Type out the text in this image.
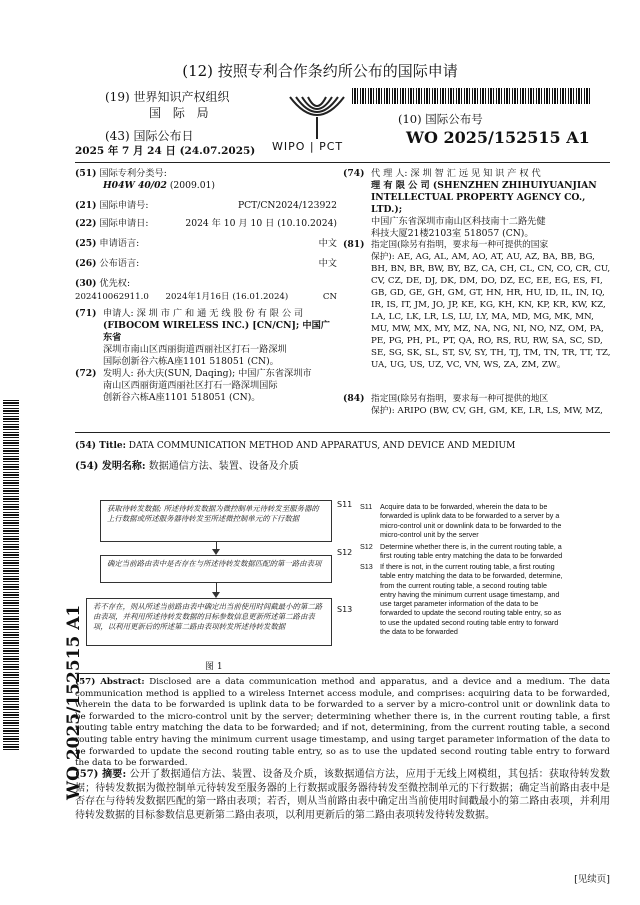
(12) 按照专利合作条约所公布的国际申请
(19) 世界知识产权组织
国 际 局
(43) 国际公布日
2025 年 7 月 24 日 (24.07.2025) WIPO | PCT
(10) 国际公布号
WO 2025/152515 A1
WO 2025/152515 A1
(51) 国际专利分类号:
H04W 40/02 (2009.01)
(21) 国际申请号:	PCT/CN2024/123922
(22) 国际申请日:	2024 年 10 月 10 日 (10.10.2024)
(25) 申请语言:	中文
(26) 公布语言:	中文
(30) 优先权:
202410062911.0 2024年1月16日 (16.01.2024)	CN
(71) 申请人: 深 圳 市 广 和 通 无 线 股 份 有 限 公 司
(FIBOCOM WIRELESS INC.) [CN/CN]; 中国广东省
深圳市南山区西丽街道西丽社区打石一路深圳
国际创新谷六栋A座1101 518051 (CN)。
(72) 发明人: 孙大庆(SUN, Daqing); 中国广东省深圳市
南山区西丽街道西丽社区打石一路深圳国际
创新谷六栋A座1101 518051 (CN)。
(74) 代 理 人: 深 圳 智 汇 远 见 知 识 产 权 代
理 有 限 公 司 (SHENZHEN ZHIHUIYUANJIAN
INTELLECTUAL PROPERTY AGENCY CO., LTD.);
中国广东省深圳市南山区科技南十二路先健
科技大厦21楼2103室 518057 (CN)。
(81) 指定国(除另有指明，要求每一种可提供的国家
保护): AE, AG, AL, AM, AO, AT, AU, AZ, BA, BB, BG,
BH, BN, BR, BW, BY, BZ, CA, CH, CL, CN, CO, CR, CU,
CV, CZ, DE, DJ, DK, DM, DO, DZ, EC, EE, EG, ES, FI,
GB, GD, GE, GH, GM, GT, HN, HR, HU, ID, IL, IN, IQ,
IR, IS, IT, JM, JO, JP, KE, KG, KH, KN, KP, KR, KW, KZ,
LA, LC, LK, LR, LS, LU, LY, MA, MD, MG, MK, MN,
MU, MW, MX, MY, MZ, NA, NG, NI, NO, NZ, OM, PA,
PE, PG, PH, PL, PT, QA, RO, RS, RU, RW, SA, SC, SD,
SE, SG, SK, SL, ST, SV, SY, TH, TJ, TM, TN, TR, TT, TZ,
UA, UG, US, UZ, VC, VN, WS, ZA, ZM, ZW。
(84) 指定国(除另有指明，要求每一种可提供的地区
保护): ARIPO (BW, CV, GH, GM, KE, LR, LS, MW, MZ,
(54) Title: DATA COMMUNICATION METHOD AND APPARATUS, AND DEVICE AND MEDIUM
(54) 发明名称: 数据通信方法、装置、设备及介质
获取待转发数据; 所述待转发数据为微控制单元待转发至服务器的上行数据或所述服务器待转发至所述微控制单元的下行数据
S11
确定当前路由表中是否存在与所述待转发数据匹配的第一路由表项
S12
若不存在，则从所述当前路由表中确定出当前使用时间截最小的第二路由表项，并利用所述待转发数据的目标参数信息更新所述第二路由表项，以利用更新后的所述第二路由表项转发所述待转发数据
S13
图 1
S11 Acquire data to be forwarded, wherein the data to be
forwarded is uplink data to be forwarded to a server by a
micro-control unit or downlink data to be forwarded to the
micro-control unit by the server
S12 Determine whether there is, in the current routing table, a
first routing table entry matching the data to be forwarded
S13 If there is not, in the current routing table, a first routing
table entry matching the data to be forwarded, determine,
from the current routing table, a second routing table
entry having the minimum current usage timestamp, and
use target parameter information of the data to be
forwarded to update the second routing table entry, so as
to use the updated second routing table entry to forward
the data to be forwarded
(57) Abstract: Disclosed are a data communication method and apparatus, and a device and a medium. The data communication method is applied to a wireless Internet access module, and comprises: acquiring data to be forwarded, wherein the data to be forwarded is uplink data to be forwarded to a server by a micro-control unit or downlink data to be forwarded to the micro-control unit by the server; determining whether there is, in the current routing table, a first routing table entry matching the data to be forwarded; and if not, determining, from the current routing table, a second routing table entry having the minimum current usage timestamp, and using target parameter information of the data to be forwarded to update the second routing table entry, so as to use the updated second routing table entry to forward the data to be forwarded.
(57) 摘要: 公开了数据通信方法、装置、设备及介质，该数据通信方法，应用于无线上网模组，其包括：获取待转发数据；待转发数据为微控制单元待转发至服务器的上行数据或服务器待转发至微控制单元的下行数据；确定当前路由表中是否存在与待转发数据匹配的第一路由表项；若否，则从当前路由表中确定出当前使用时间戳最小的第二路由表项，并利用待转发数据的目标参数信息更新第二路由表项，以利用更新后的第二路由表项转发待转发数据。
[见续页]
